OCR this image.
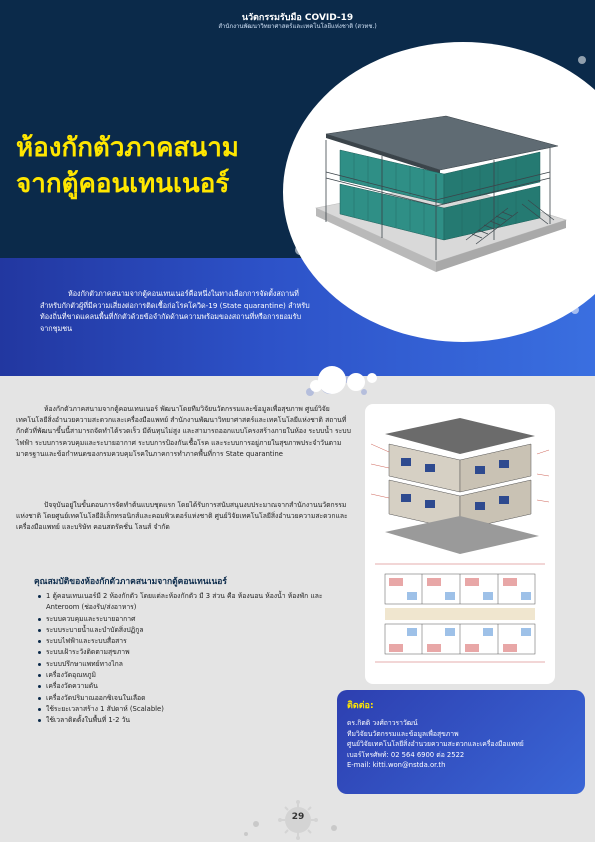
นวัตกรรมรับมือ COVID-19
สำนักงานพัฒนาวิทยาศาสตร์และเทคโนโลยีแห่งชาติ (สวทช.)
ห้องกักตัวภาคสนาม
จากตู้คอนเทนเนอร์

ห้องกักตัวภาคสนามจากตู้คอนเทนเนอร์คือหนึ่งในทางเลือกการจัดตั้งสถานที่สำหรับกักตัวผู้ที่มีความเสี่ยงต่อการติดเชื้อก่อโรคโควิด-19 (State quarantine) สำหรับท้องถิ่นที่ขาดแคลนพื้นที่กักตัวด้วยข้อจำกัดด้านความพร้อมของสถานที่หรือการยอมรับจากชุมชน

ห้องกักตัวภาคสนามจากตู้คอนเทนเนอร์ พัฒนาโดยทีมวิจัยนวัตกรรมและข้อมูลเพื่อสุขภาพ ศูนย์วิจัยเทคโนโลยีสิ่งอำนวยความสะดวกและเครื่องมือแพทย์ สำนักงานพัฒนาวิทยาศาสตร์และเทคโนโลยีแห่งชาติ สถานที่กักตัวที่พัฒนาขึ้นนี้สามารถจัดทำได้รวดเร็ว มีต้นทุนไม่สูง และสามารถออกแบบโครงสร้างภายในห้อง ระบบน้ำ ระบบไฟฟ้า ระบบการควบคุมและระบายอากาศ ระบบการป้องกันเชื้อโรค และระบบการอยู่ภายในสุขภาพประจำวันตามมาตรฐานและข้อกำหนดของกรมควบคุมโรคในภาคการทำภาคพื้นที่การ State quarantine

ปัจจุบันอยู่ในขั้นตอนการจัดทำต้นแบบชุดแรก โดยได้รับการสนับสนุนงบประมาณจากสำนักงานนวัตกรรมแห่งชาติ โดยศูนย์เทคโนโลยีอิเล็กทรอนิกส์และคอมพิวเตอร์แห่งชาติ ศูนย์วิจัยเทคโนโลยีสิ่งอำนวยความสะดวกและเครื่องมือแพทย์ และบริษัท คอนสตรัคชั่น โลนส์ จำกัด

คุณสมบัติของห้องกักตัวภาคสนามจากตู้คอนเทนเนอร์
1 ตู้คอนเทนเนอร์มี 2 ห้องกักตัว โดยแต่ละห้องกักตัว มี 3 ส่วน คือ ห้องนอน ห้องน้ำ ห้องพัก และ Anteroom (ช่องรับ/ส่งอาหาร)
ระบบควบคุมและระบายอากาศ
ระบบระบายน้ำและบำบัดสิ่งปฏิกูล
ระบบไฟฟ้าและระบบสื่อสาร
ระบบเฝ้าระวังติดตามสุขภาพ
ระบบปรึกษาแพทย์ทางไกล
เครื่องวัดอุณหภูมิ
เครื่องวัดความดัน
เครื่องวัดปริมาณออกซิเจนในเลือด
ใช้ระยะเวลาสร้าง 1 สัปดาห์ (Scalable)
ใช้เวลาติดตั้งในพื้นที่ 1-2 วัน
ติดต่อ:
ดร.กิตติ วงศ์ถาวราวัฒน์
ทีมวิจัยนวัตกรรมและข้อมูลเพื่อสุขภาพ
ศูนย์วิจัยเทคโนโลยีสิ่งอำนวยความสะดวกและเครื่องมือแพทย์
เบอร์โทรศัพท์: 02 564 6900 ต่อ 2522
E-mail: kitti.won@nstda.or.th
29
